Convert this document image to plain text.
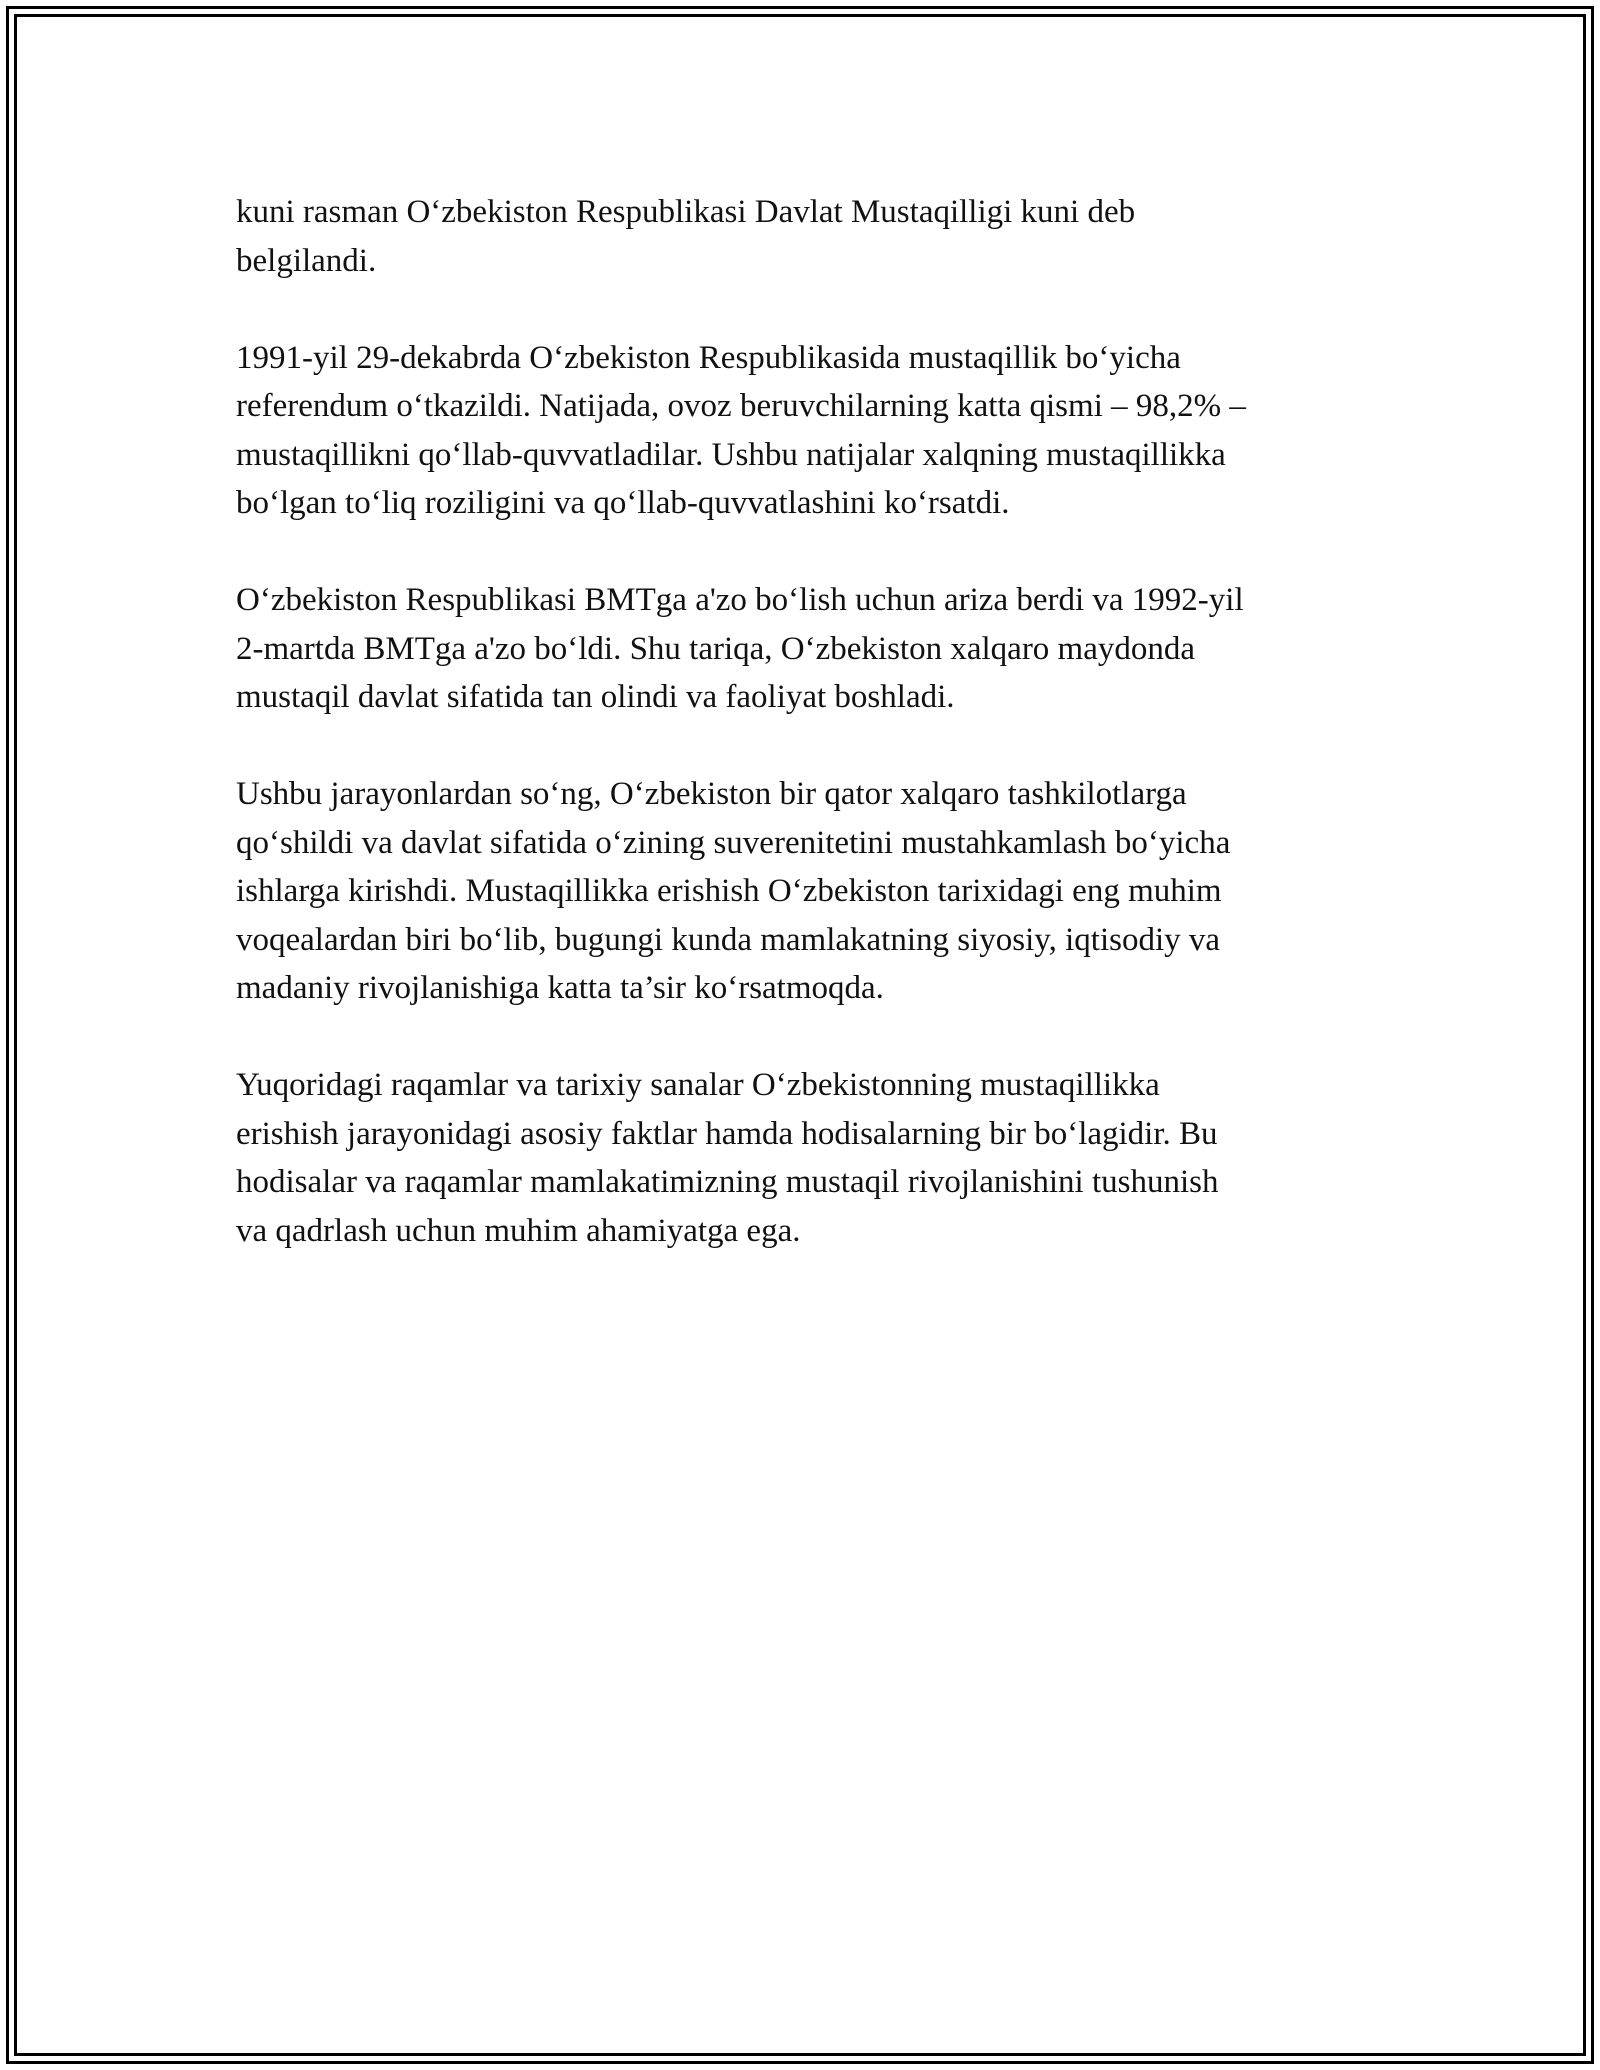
kuni rasman O‘zbekiston Respublikasi Davlat Mustaqilligi kuni deb
belgilandi.

1991-yil 29-dekabrda O‘zbekiston Respublikasida mustaqillik bo‘yicha
referendum o‘tkazildi. Natijada, ovoz beruvchilarning katta qismi – 98,2% –
mustaqillikni qo‘llab-quvvatladilar. Ushbu natijalar xalqning mustaqillikka
bo‘lgan to‘liq roziligini va qo‘llab-quvvatlashini ko‘rsatdi.

O‘zbekiston Respublikasi BMTga a'zo bo‘lish uchun ariza berdi va 1992-yil
2-martda BMTga a'zo bo‘ldi. Shu tariqa, O‘zbekiston xalqaro maydonda
mustaqil davlat sifatida tan olindi va faoliyat boshladi.

Ushbu jarayonlardan so‘ng, O‘zbekiston bir qator xalqaro tashkilotlarga
qo‘shildi va davlat sifatida o‘zining suverenitetini mustahkamlash bo‘yicha
ishlarga kirishdi. Mustaqillikka erishish O‘zbekiston tarixidagi eng muhim
voqealardan biri bo‘lib, bugungi kunda mamlakatning siyosiy, iqtisodiy va
madaniy rivojlanishiga katta ta’sir ko‘rsatmoqda.

Yuqoridagi raqamlar va tarixiy sanalar O‘zbekistonning mustaqillikka
erishish jarayonidagi asosiy faktlar hamda hodisalarning bir bo‘lagidir. Bu
hodisalar va raqamlar mamlakatimizning mustaqil rivojlanishini tushunish
va qadrlash uchun muhim ahamiyatga ega.
